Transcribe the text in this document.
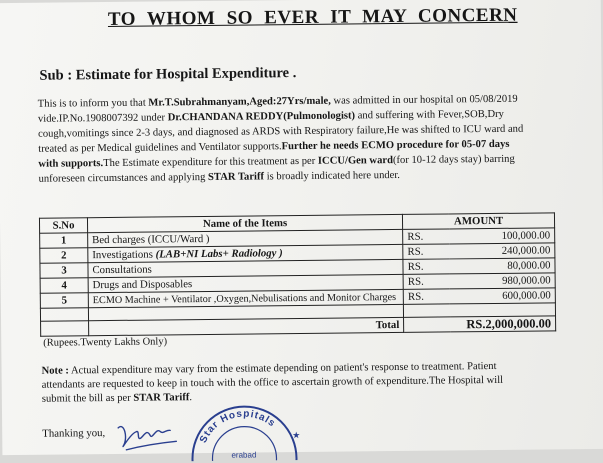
TO WHOM SO EVER IT MAY CONCERN
Sub : Estimate for Hospital Expenditure .
This is to inform you that Mr.T.Subrahmanyam,Aged:27Yrs/male, was admitted in our hospital on 05/08/2019
vide.IP.No.1908007392 under Dr.CHANDANA REDDY(Pulmonologist) and suffering with Fever,SOB,Dry
cough,vomitings since 2-3 days, and diagnosed as ARDS with Respiratory failure,He was shifted to ICU ward and
treated as per Medical guidelines and Ventilator supports.Further he needs ECMO procedure for 05-07 days
with supports.The Estimate expenditure for this treatment as per ICCU/Gen ward(for 10-12 days stay) barring
unforeseen circumstances and applying STAR Tariff is broadly indicated here under.
S.No	Name of the Items	AMOUNT	
1	Bed charges (ICCU/Ward )	RS.	100,000.00
2	Investigations (LAB+NI Labs+ Radiology )	RS.	240,000.00
3	Consultations	RS.	80,000.00
4	Drugs and Disposables	RS.	980,000.00
5	ECMO Machine + Ventilator ,Oxygen,Nebulisations and Monitor Charges	RS.	600,000.00

	Total	RS.2,000,000.00	
(Rupees.Twenty Lakhs Only)
Note : Actual expenditure may vary from the estimate depending on patient's response to treatment. Patient
attendants are requested to keep in touch with the office to ascertain growth of expenditure.The Hospital will
submit the bill as per STAR Tariff.
Thanking you,	Star Hospitals
erabad
★
